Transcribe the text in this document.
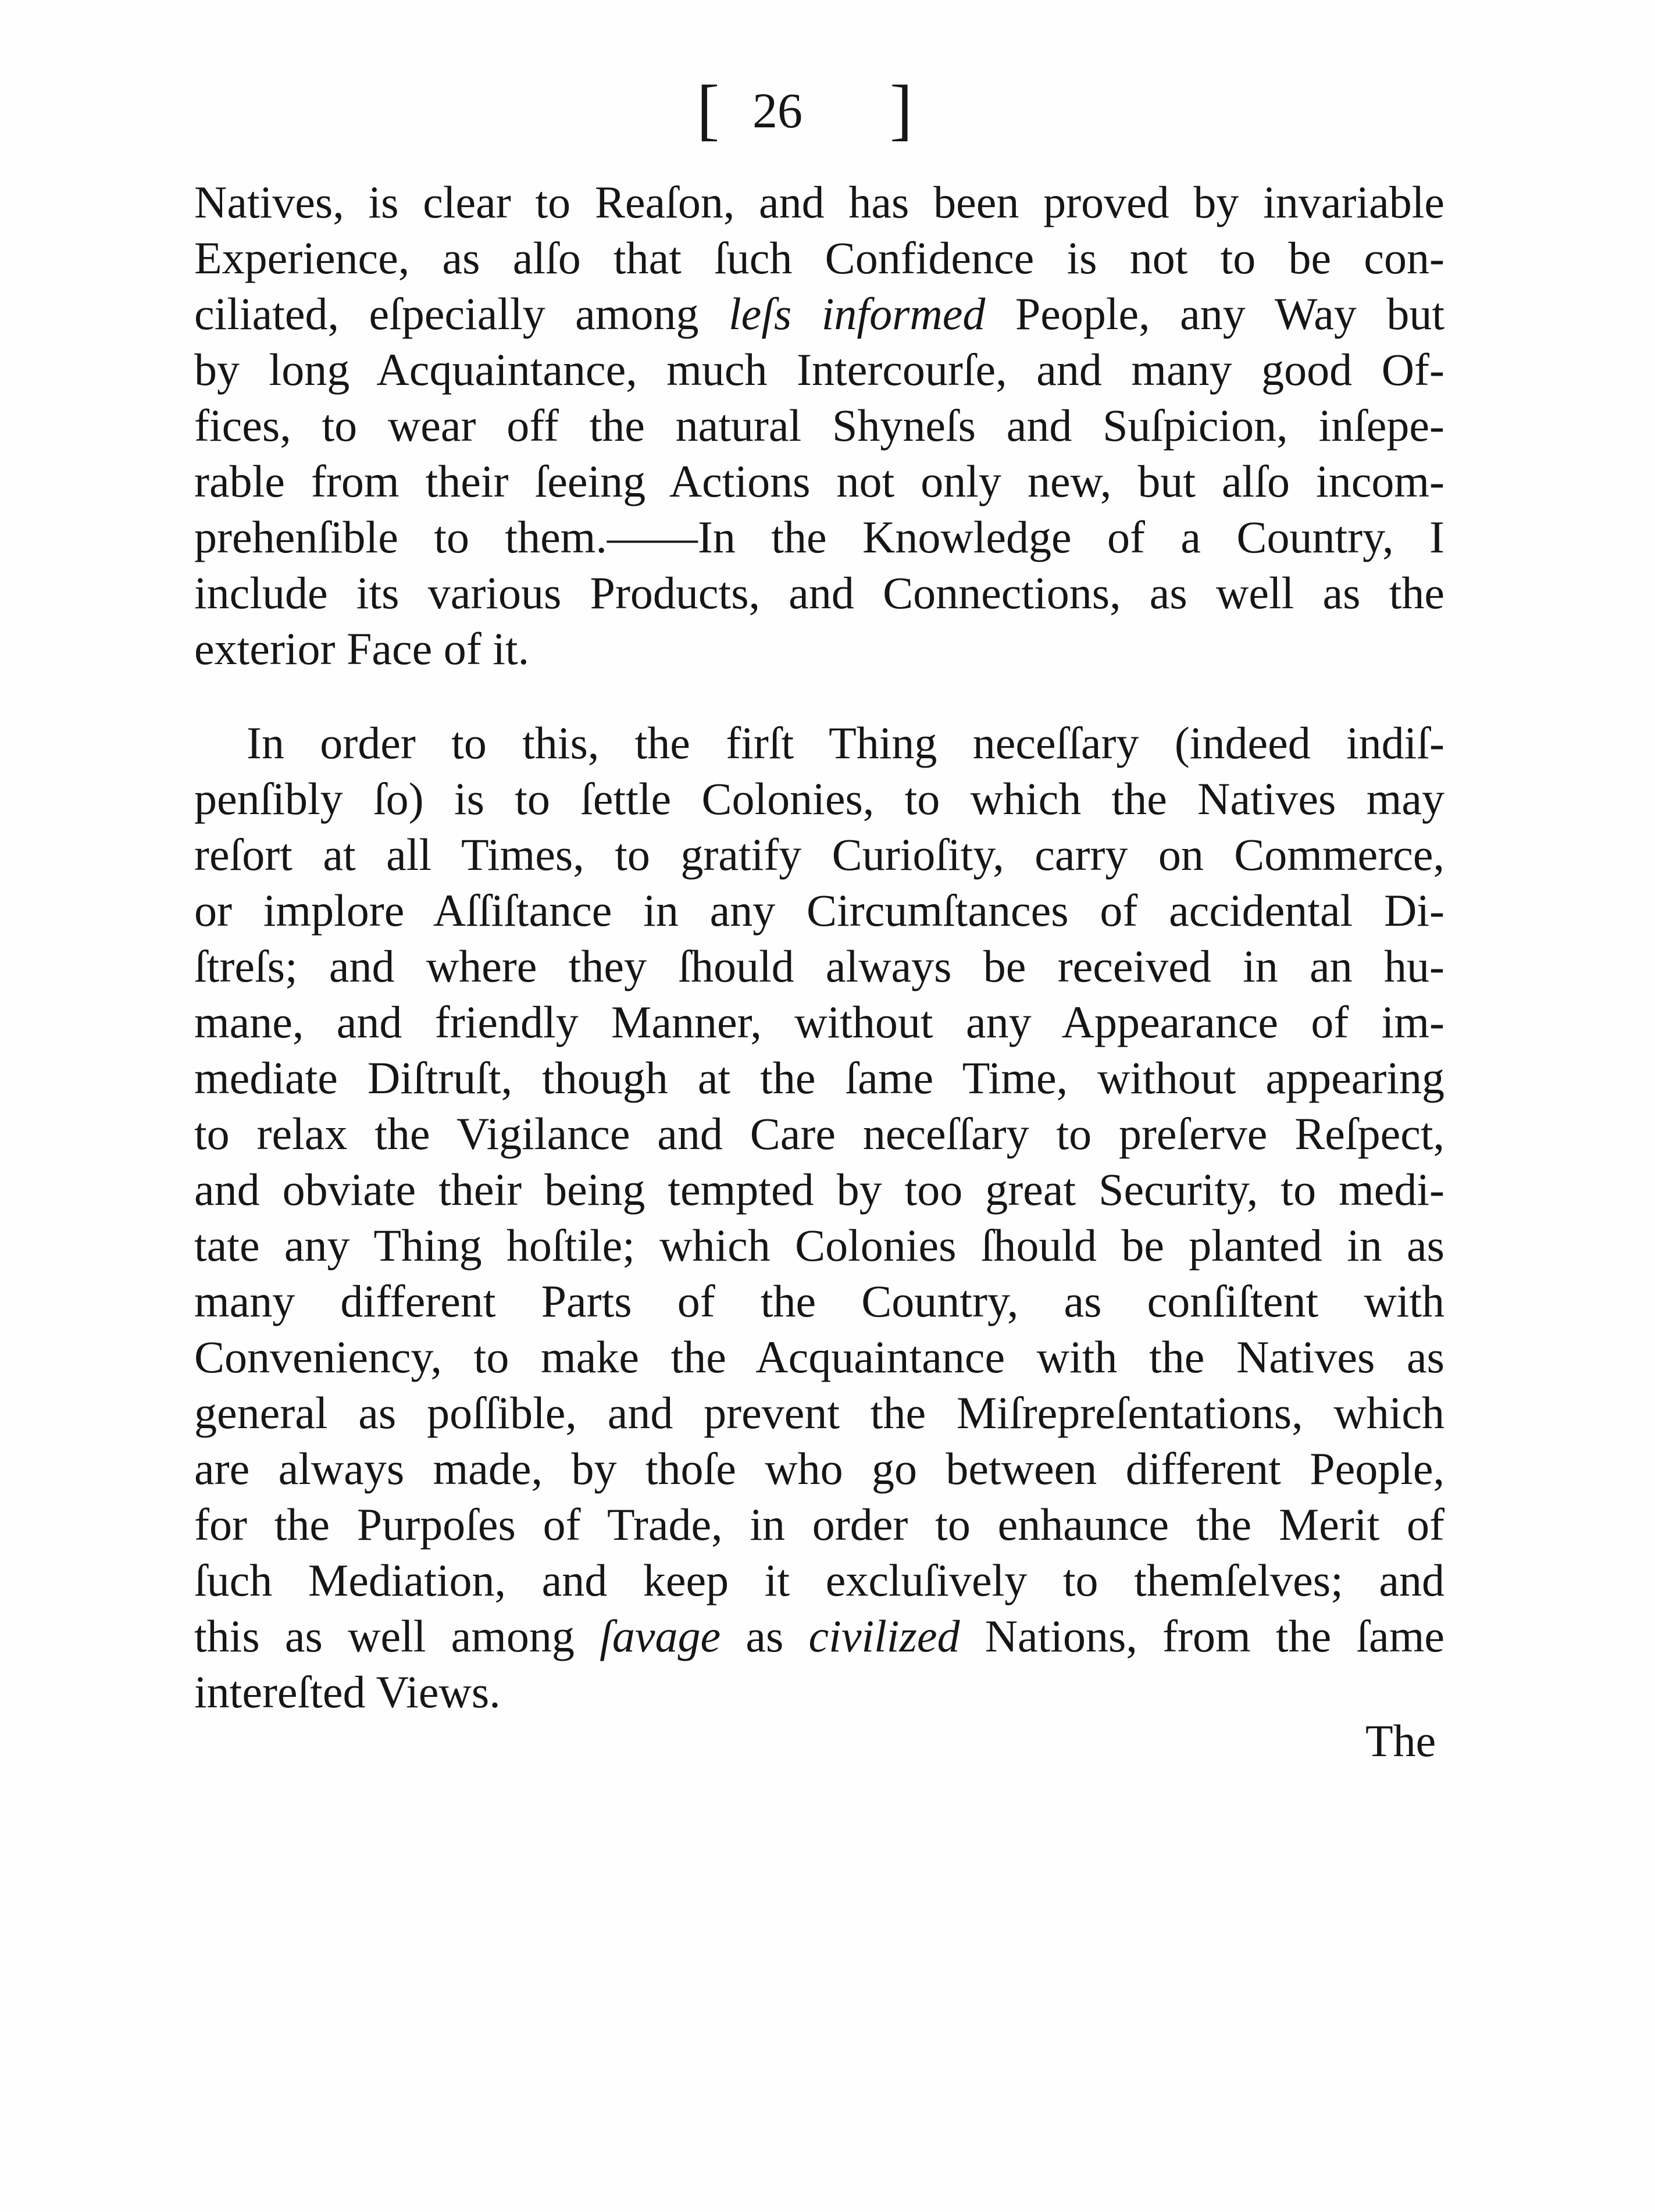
[ 26 ]
Natives, is clear to Reaſon, and has been proved by invariable
Experience, as alſo that ſuch Confidence is not to be con-
ciliated, eſpecially among leſs informed People, any Way but
by long Acquaintance, much Intercourſe, and many good Of-
fices, to wear off the natural Shyneſs and Suſpicion, inſepe-
rable from their ſeeing Actions not only new, but alſo incom-
prehenſible to them.——In the Knowledge of a Country, I
include its various Products, and Connections, as well as the
exterior Face of it.
In order to this, the firſt Thing neceſſary (indeed indiſ-
penſibly ſo) is to ſettle Colonies, to which the Natives may
reſort at all Times, to gratify Curioſity, carry on Commerce,
or implore Aſſiſtance in any Circumſtances of accidental Di-
ſtreſs; and where they ſhould always be received in an hu-
mane, and friendly Manner, without any Appearance of im-
mediate Diſtruſt, though at the ſame Time, without appearing
to relax the Vigilance and Care neceſſary to preſerve Reſpect,
and obviate their being tempted by too great Security, to medi-
tate any Thing hoſtile; which Colonies ſhould be planted in as
many different Parts of the Country, as conſiſtent with
Conveniency, to make the Acquaintance with the Natives as
general as poſſible, and prevent the Miſrepreſentations, which
are always made, by thoſe who go between different People,
for the Purpoſes of Trade, in order to enhaunce the Merit of
ſuch Mediation, and keep it excluſively to themſelves; and
this as well among ſavage as civilized Nations, from the ſame
intereſted Views.
The
